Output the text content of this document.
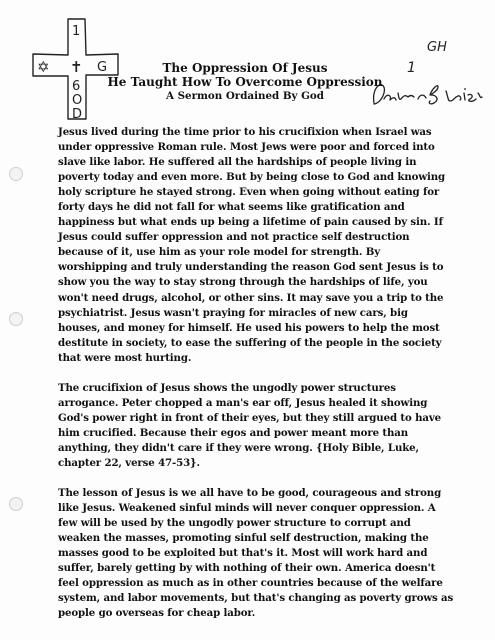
✡ ✝
1
G
6
O
D
GH
1
The Oppression Of Jesus
He Taught How To Overcome Oppression
A Sermon Ordained By God

Jesus lived during the time prior to his crucifixion when Israel was
under oppressive Roman rule. Most Jews were poor and forced into
slave like labor. He suffered all the hardships of people living in
poverty today and even more. But by being close to God and knowing
holy scripture he stayed strong. Even when going without eating for
forty days he did not fall for what seems like gratification and
happiness but what ends up being a lifetime of pain caused by sin. If
Jesus could suffer oppression and not practice self destruction
because of it, use him as your role model for strength. By
worshipping and truly understanding the reason God sent Jesus is to
show you the way to stay strong through the hardships of life, you
won't need drugs, alcohol, or other sins. It may save you a trip to the
psychiatrist. Jesus wasn't praying for miracles of new cars, big
houses, and money for himself. He used his powers to help the most
destitute in society, to ease the suffering of the people in the society
that were most hurting.

The crucifixion of Jesus shows the ungodly power structures
arrogance. Peter chopped a man's ear off, Jesus healed it showing
God's power right in front of their eyes, but they still argued to have
him crucified. Because their egos and power meant more than
anything, they didn't care if they were wrong. {Holy Bible, Luke,
chapter 22, verse 47-53}.

The lesson of Jesus is we all have to be good, courageous and strong
like Jesus. Weakened sinful minds will never conquer oppression. A
few will be used by the ungodly power structure to corrupt and
weaken the masses, promoting sinful self destruction, making the
masses good to be exploited but that's it. Most will work hard and
suffer, barely getting by with nothing of their own. America doesn't
feel oppression as much as in other countries because of the welfare
system, and labor movements, but that's changing as poverty grows as
people go overseas for cheap labor.
